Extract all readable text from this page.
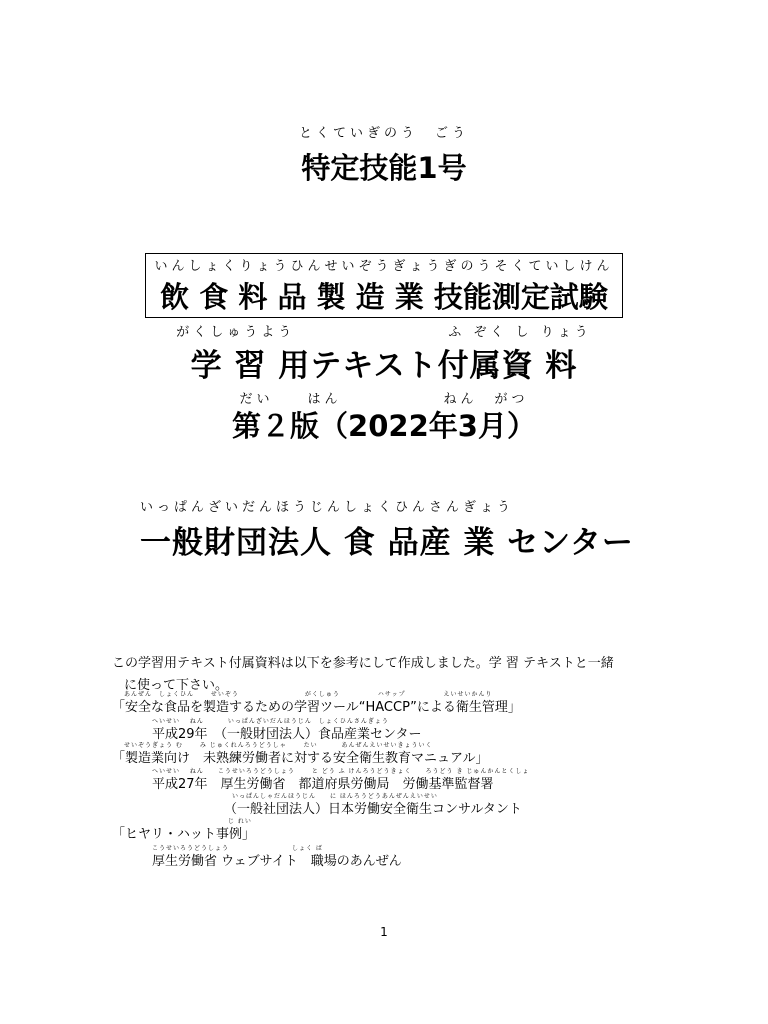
とくていぎのう　ごう
特定技能1号
いんしょくりょうひんせいぞうぎょうぎのうそくていしけん
飲 食 料 品 製 造 業 技能測定試験
がくしゅうよう　　　　　　　　　ふ ぞく し りょう
学 習 用テキスト付属資 料
だい　　はん　　　　　　ねん　がつ
第２版（2022年3月）
いっぱんざいだんほうじんしょくひんさんぎょう
一般財団法人 食 品産 業 センター
この学習用テキスト付属資料は以下を参考にして作成しました。学 習 テキストと一緒
に使って下さい。
あんぜん　しょくひん　　 せいぞう　　　　　　　　　 がくしゅう　　　　　 ハサップ　　　　　 えいせいかんり
「安全な食品を製造するための学習ツール“HACCP”による衛生管理」
へいせい　 ねん　　　 いっぱんざいだんほうじん　しょくひんさんぎょう
平成29年　（一般財団法人）食品産業センター
せいぞうぎょう む　　 み じゅくれんろうどうしゃ　　 たい　　　 あんぜんえいせいきょういく
「製造業向け　未熟練労働者に対する安全衛生教育マニュアル」
へいせい　 ねん　　こうせいろうどうしょう　　 と どう ふ けんろうどうきょく　　ろうどう き じゅんかんとくしょ
平成27年　厚生労働省　都道府県労働局　労働基準監督署
いっぱんしゃだんほうじん　　に ほんろうどうあんぜんえいせい
（一般社団法人）日本労働安全衛生コンサルタント
じ れい
「ヒヤリ・ハット事例」
こうせいろうどうしょう　　　　　　　　　しょく ば
厚生労働省 ウェブサイト　職場のあんぜん
1
